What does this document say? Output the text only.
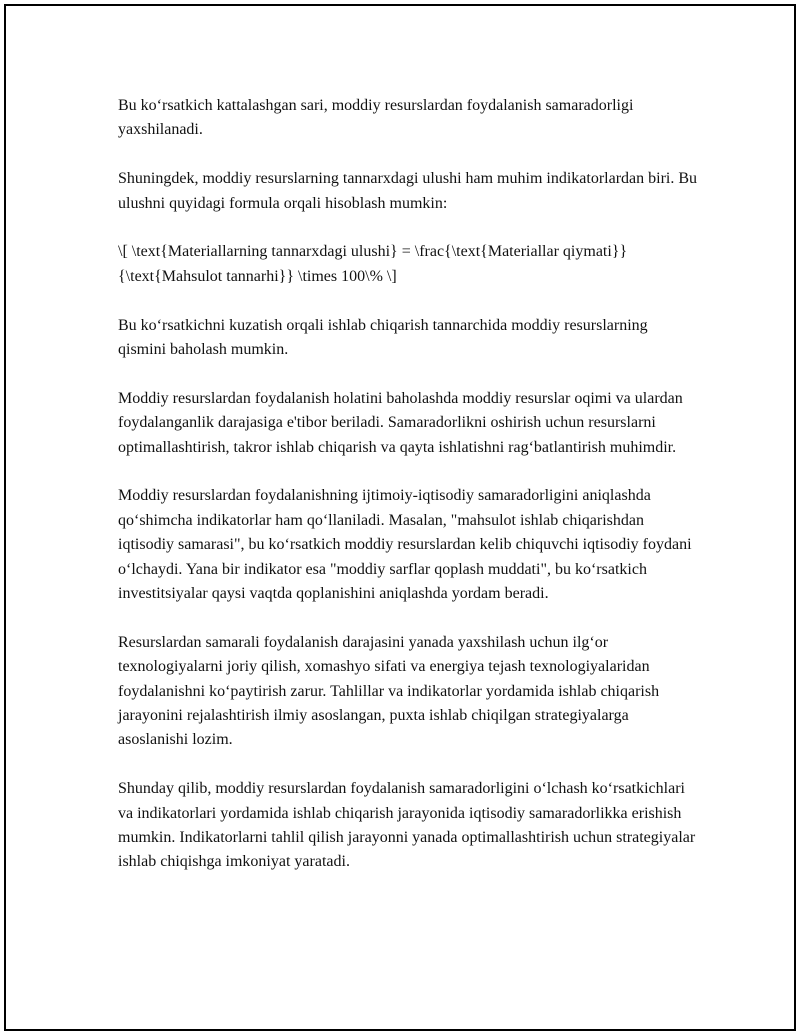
Bu ko‘rsatkich kattalashgan sari, moddiy resurslardan foydalanish samaradorligi yaxshilanadi.

Shuningdek, moddiy resurslarning tannarxdagi ulushi ham muhim indikatorlardan biri. Bu ulushni quyidagi formula orqali hisoblash mumkin:

\[ \text{Materiallarning tannarxdagi ulushi} = \frac{\text{Materiallar qiymati}}{\text{Mahsulot tannarhi}} \times 100\% \]

Bu ko‘rsatkichni kuzatish orqali ishlab chiqarish tannarchida moddiy resurslarning qismini baholash mumkin.

Moddiy resurslardan foydalanish holatini baholashda moddiy resurslar oqimi va ulardan foydalanganlik darajasiga e'tibor beriladi. Samaradorlikni oshirish uchun resurslarni optimallashtirish, takror ishlab chiqarish va qayta ishlatishni rag‘batlantirish muhimdir.

Moddiy resurslardan foydalanishning ijtimoiy-iqtisodiy samaradorligini aniqlashda qo‘shimcha indikatorlar ham qo‘llaniladi. Masalan, "mahsulot ishlab chiqarishdan iqtisodiy samarasi", bu ko‘rsatkich moddiy resurslardan kelib chiquvchi iqtisodiy foydani o‘lchaydi. Yana bir indikator esa "moddiy sarflar qoplash muddati", bu ko‘rsatkich investitsiyalar qaysi vaqtda qoplanishini aniqlashda yordam beradi.

Resurslardan samarali foydalanish darajasini yanada yaxshilash uchun ilg‘or texnologiyalarni joriy qilish, xomashyo sifati va energiya tejash texnologiyalaridan foydalanishni ko‘paytirish zarur. Tahlillar va indikatorlar yordamida ishlab chiqarish jarayonini rejalashtirish ilmiy asoslangan, puxta ishlab chiqilgan strategiyalarga asoslanishi lozim.

Shunday qilib, moddiy resurslardan foydalanish samaradorligini o‘lchash ko‘rsatkichlari va indikatorlari yordamida ishlab chiqarish jarayonida iqtisodiy samaradorlikka erishish mumkin. Indikatorlarni tahlil qilish jarayonni yanada optimallashtirish uchun strategiyalar ishlab chiqishga imkoniyat yaratadi.
